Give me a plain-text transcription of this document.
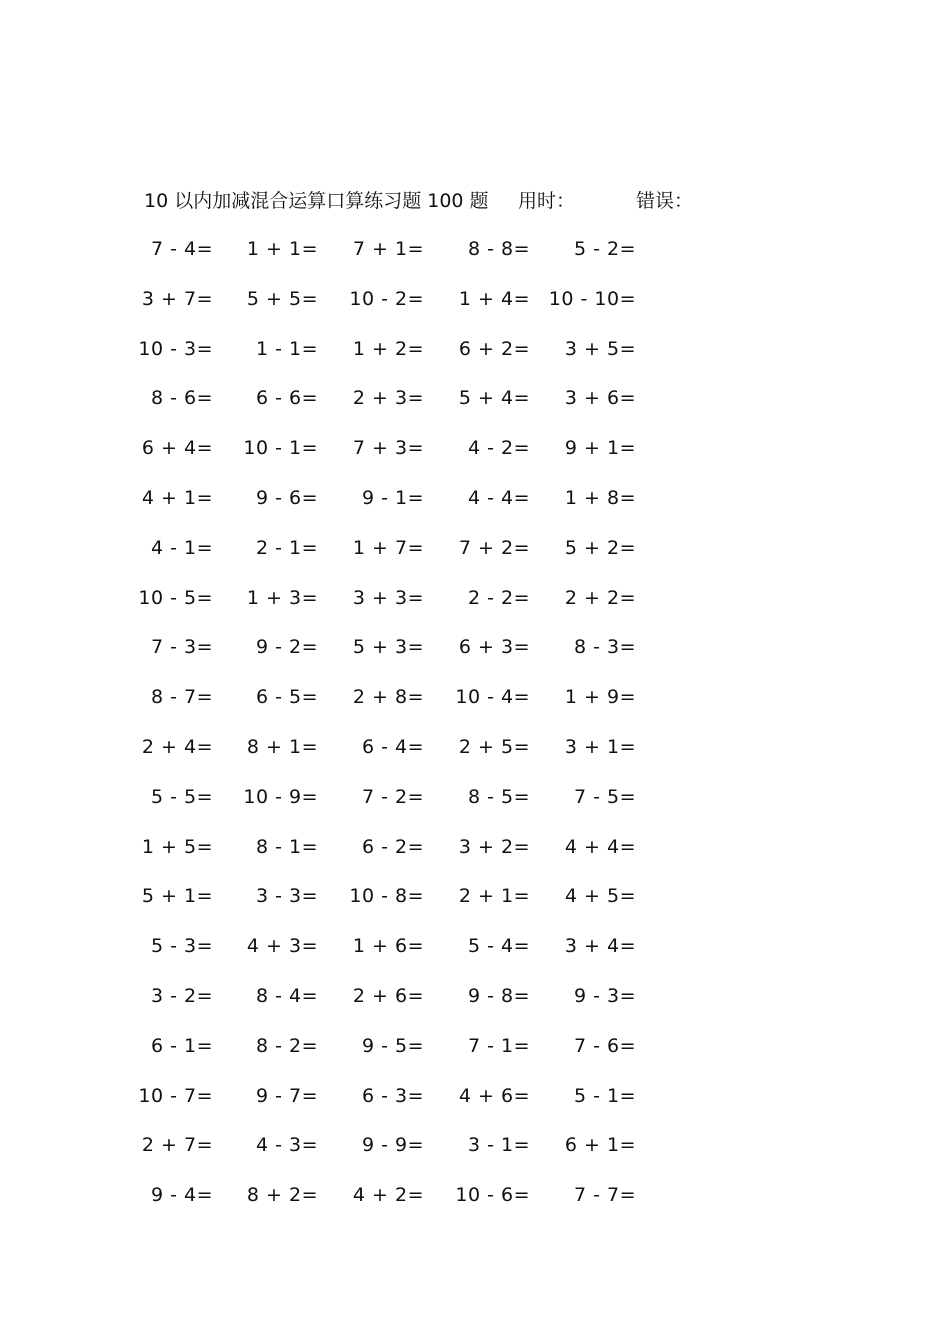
10 以内加减混合运算口算练习题 100 题 用时：	错误：
7 - 4= 1 + 1= 7 + 1= 8 - 8= 5 - 2=
3 + 7= 5 + 5= 10 - 2= 1 + 4= 10 - 10=
10 - 3= 1 - 1= 1 + 2= 6 + 2= 3 + 5=
8 - 6= 6 - 6= 2 + 3= 5 + 4= 3 + 6=
6 + 4= 10 - 1= 7 + 3= 4 - 2= 9 + 1=
4 + 1= 9 - 6= 9 - 1= 4 - 4= 1 + 8=
4 - 1= 2 - 1= 1 + 7= 7 + 2= 5 + 2=
10 - 5= 1 + 3= 3 + 3= 2 - 2= 2 + 2=
7 - 3= 9 - 2= 5 + 3= 6 + 3= 8 - 3=
8 - 7= 6 - 5= 2 + 8= 10 - 4= 1 + 9=
2 + 4= 8 + 1= 6 - 4= 2 + 5= 3 + 1=
5 - 5= 10 - 9= 7 - 2= 8 - 5= 7 - 5=
1 + 5= 8 - 1= 6 - 2= 3 + 2= 4 + 4=
5 + 1= 3 - 3= 10 - 8= 2 + 1= 4 + 5=
5 - 3= 4 + 3= 1 + 6= 5 - 4= 3 + 4=
3 - 2= 8 - 4= 2 + 6= 9 - 8= 9 - 3=
6 - 1= 8 - 2= 9 - 5= 7 - 1= 7 - 6=
10 - 7= 9 - 7= 6 - 3= 4 + 6= 5 - 1=
2 + 7= 4 - 3= 9 - 9= 3 - 1= 6 + 1=
9 - 4= 8 + 2= 4 + 2= 10 - 6= 7 - 7=
